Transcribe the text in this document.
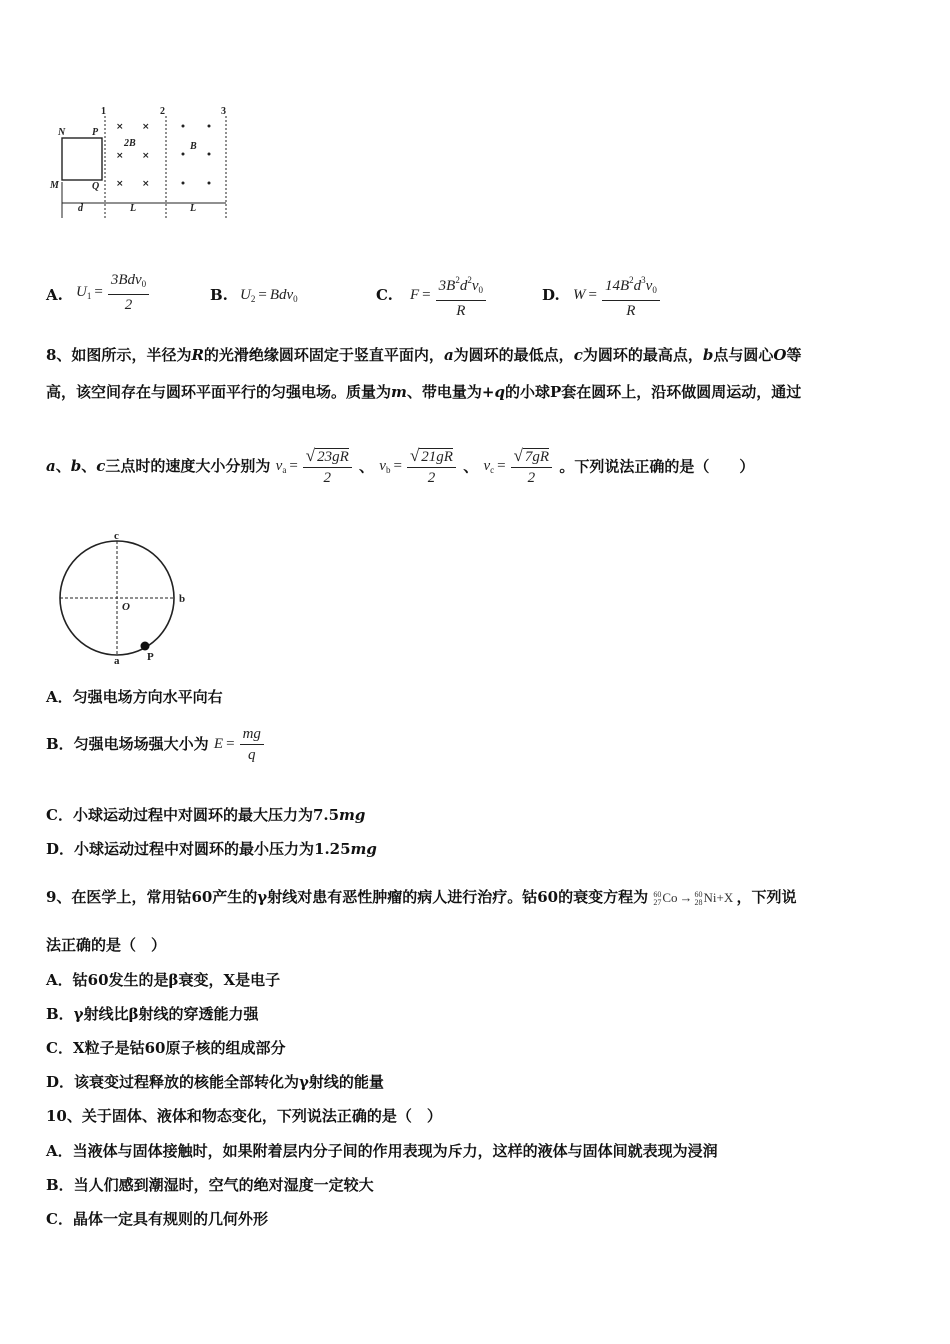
N	P
M	Q
1	2	3
2B	B
d	L	L
× ×
× ×
× ×
A. $U_1 = \frac{3Bdv_0}{2}$	B. $U_2 = Bdv_0$	C. $F = \frac{3B^2d^2v_0}{R}$	D. $W = \frac{14B^2d^3v_0}{R}$
8、如图所示，半径为R的光滑绝缘圆环固定于竖直平面内，a为圆环的最低点，c为圆环的最高点，b点与圆心O等
高，该空间存在与圆环平面平行的匀强电场。质量为m、带电量为+q的小球P套在圆环上，沿环做圆周运动，通过
a、b、c三点时的速度大小分别为 $v_a = \frac{√ 23gR}{2}$ 、 $v_b = \frac{√ 21gR}{2}$ 、 $v_c = \frac{√ 7gR}{2}$ 。下列说法正确的是（　　）
c
O
b
a	P
A．匀强电场方向水平向右
B．匀强电场场强大小为 $E = \frac{mg}{q}$
C．小球运动过程中对圆环的最大压力为7.5mg
D．小球运动过程中对圆环的最小压力为1.25mg
9、在医学上，常用钴60产生的γ射线对患有恶性肿瘤的病人进行治疗。钴60的衰变方程为 60
27Co → 60
28Ni+X ，下列说
法正确的是（　）
A．钴60发生的是β衰变，X是电子
B．γ射线比β射线的穿透能力强
C．X粒子是钴60原子核的组成部分
D．该衰变过程释放的核能全部转化为γ射线的能量
10、关于固体、液体和物态变化，下列说法正确的是（　）
A．当液体与固体接触时，如果附着层内分子间的作用表现为斥力，这样的液体与固体间就表现为浸润
B．当人们感到潮湿时，空气的绝对湿度一定较大
C．晶体一定具有规则的几何外形
